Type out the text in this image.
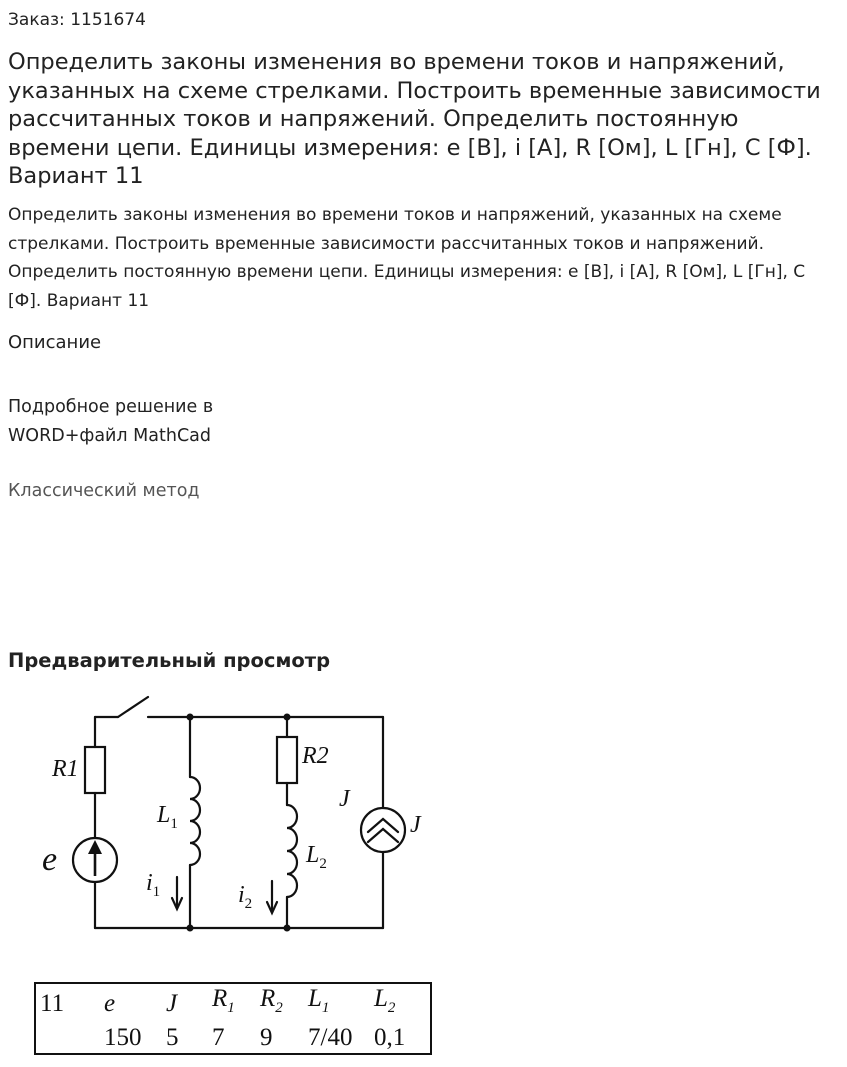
Заказ: 1151674
Определить законы изменения во времени токов и напряжений, указанных на схеме стрелками. Построить временные зависимости рассчитанных токов и напряжений. Определить постоянную времени цепи. Единицы измерения: e [В], i [А], R [Ом], L [Гн], C [Ф]. Вариант 11

Определить законы изменения во времени токов и напряжений, указанных на схеме стрелками. Построить временные зависимости рассчитанных токов и напряжений. Определить постоянную времени цепи. Единицы измерения: e [В], i [А], R [Ом], L [Гн], C [Ф]. Вариант 11

Описание
Подробное решение в
WORD+файл MathCad
Классический метод
Предварительный просмотр
R1
e
$L_1$
$i_1$
R2
$L_2$
$i_2$
J
J
11	e	J	$R_1$	$R_2$	$L_1$	$L_2$
	150	5	7	9	7/40	0,1
